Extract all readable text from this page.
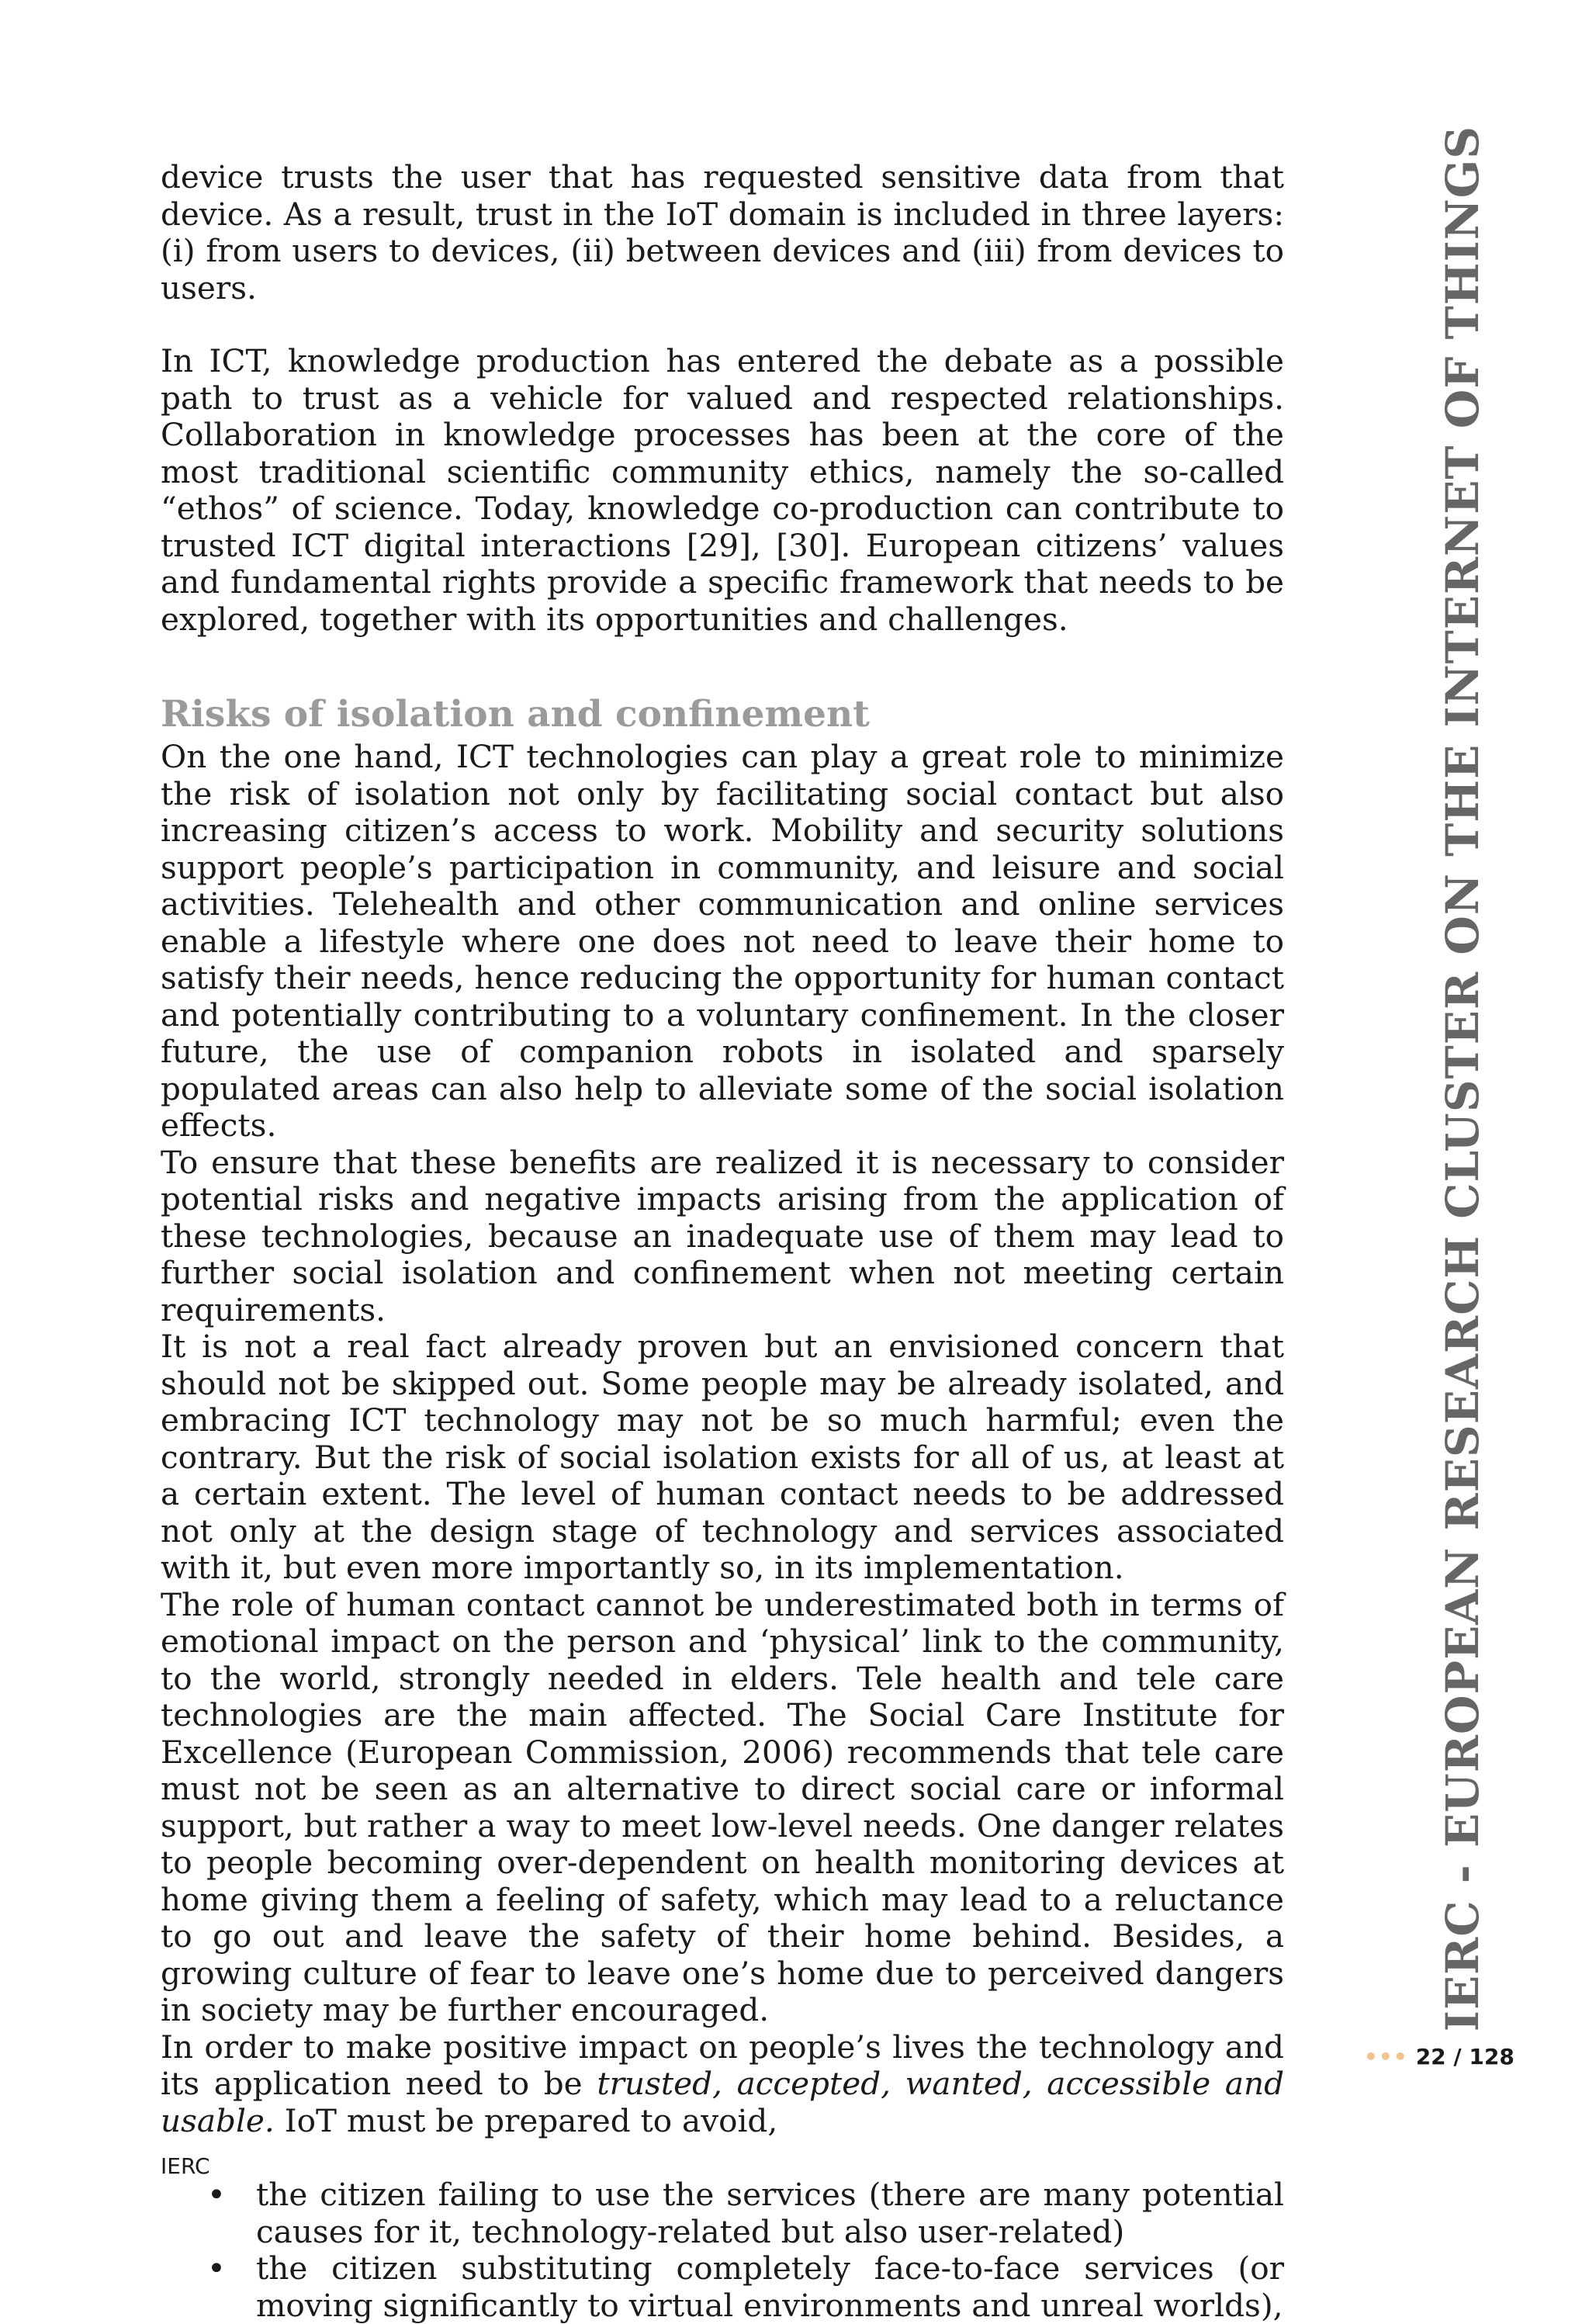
device trusts the user that has requested sensitive data from that device. As a result, trust in the IoT domain is included in three layers: (i) from users to devices, (ii) between devices and (iii) from devices to users.

In ICT, knowledge production has entered the debate as a possible path to trust as a vehicle for valued and respected relationships. Collaboration in knowledge processes has been at the core of the most traditional scientific community ethics, namely the so-called “ethos” of science. Today, knowledge co-production can contribute to trusted ICT digital interactions [29], [30]. European citizens’ values and fundamental rights provide a specific framework that needs to be explored, together with its opportunities and challenges.

Risks of isolation and confinement

On the one hand, ICT technologies can play a great role to minimize the risk of isolation not only by facilitating social contact but also increasing citizen’s access to work. Mobility and security solutions support people’s participation in community, and leisure and social activities. Telehealth and other communication and online services enable a lifestyle where one does not need to leave their home to satisfy their needs, hence reducing the opportunity for human contact and potentially contributing to a voluntary confinement. In the closer future, the use of companion robots in isolated and sparsely populated areas can also help to alleviate some of the social isolation effects.

To ensure that these benefits are realized it is necessary to consider potential risks and negative impacts arising from the application of these technologies, because an inadequate use of them may lead to further social isolation and confinement when not meeting certain requirements.

It is not a real fact already proven but an envisioned concern that should not be skipped out. Some people may be already isolated, and embracing ICT technology may not be so much harmful; even the contrary. But the risk of social isolation exists for all of us, at least at a certain extent. The level of human contact needs to be addressed not only at the design stage of technology and services associated with it, but even more importantly so, in its implementation.

The role of human contact cannot be underestimated both in terms of emotional impact on the person and ‘physical’ link to the community, to the world, strongly needed in elders. Tele health and tele care technologies are the main affected. The Social Care Institute for Excellence (European Commission, 2006) recommends that tele care must not be seen as an alternative to direct social care or informal support, but rather a way to meet low-level needs. One danger relates to people becoming over-dependent on health monitoring devices at home giving them a feeling of safety, which may lead to a reluctance to go out and leave the safety of their home behind. Besides, a growing culture of fear to leave one’s home due to perceived dangers in society may be further encouraged.

In order to make positive impact on people’s lives the technology and its application need to be trusted, accepted, wanted, accessible and usable. IoT must be prepared to avoid,

• the citizen failing to use the services (there are many potential causes for it, technology-related but also user-related)
• the citizen substituting completely face-to-face services (or moving significantly to virtual environments and unreal worlds),
IERC - EUROPEAN RESEARCH CLUSTER ON THE INTERNET OF THINGS
••• 22 / 128
IERC
